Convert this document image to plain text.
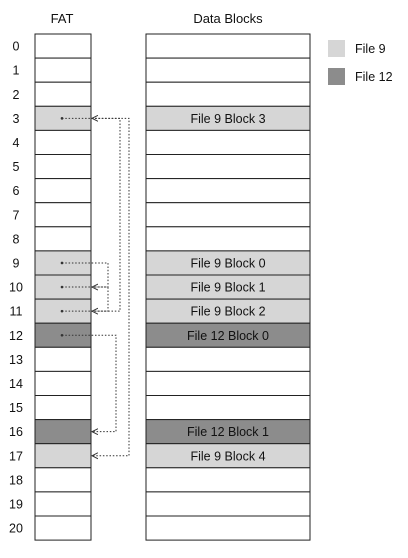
FAT	Data Blocks
0
1
2
3	File 9 Block 3
4
5
6
7
8
9	File 9 Block 0
10	File 9 Block 1
11	File 9 Block 2
12	File 12 Block 0
13
14
15
16	File 12 Block 1
17	File 9 Block 4
18
19
20
File 9
File 12
